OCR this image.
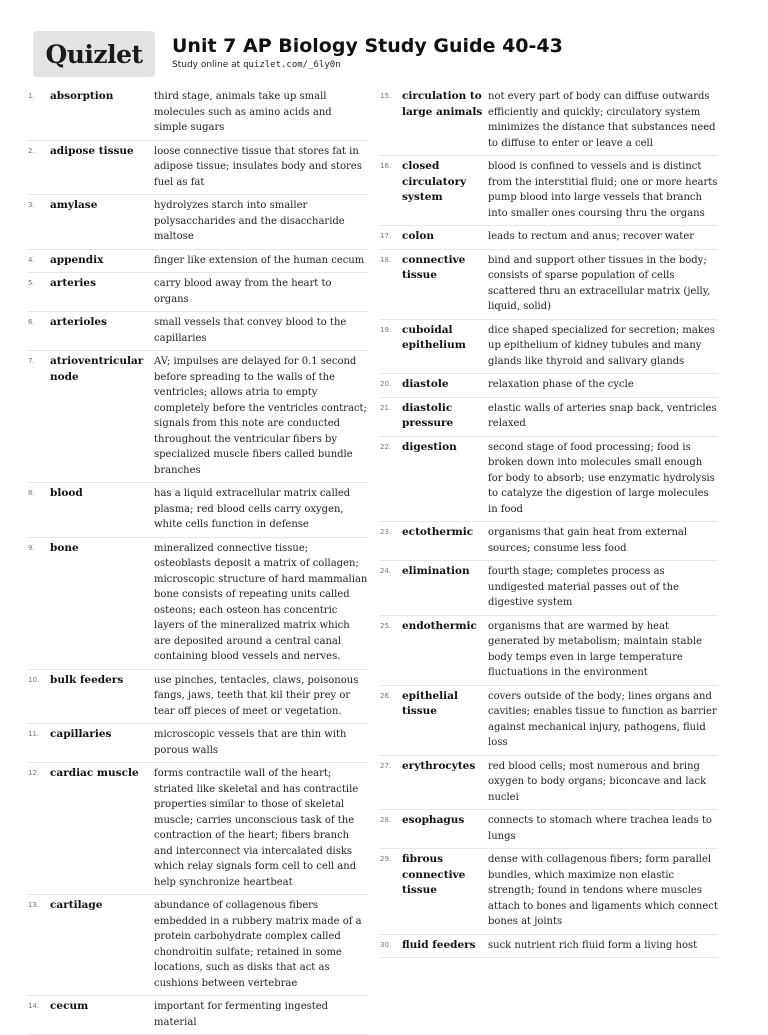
Quizlet	Unit 7 AP Biology Study Guide 40-43
Study online at quizlet.com/_6ly0n
1.	absorption	third stage, animals take up small molecules such as amino acids and simple sugars
2.	adipose tissue	loose connective tissue that stores fat in adipose tissue; insulates body and stores fuel as fat
3.	amylase	hydrolyzes starch into smaller polysaccharides and the disaccharide maltose
4.	appendix	finger like extension of the human cecum
5.	arteries	carry blood away from the heart to organs
6.	arterioles	small vessels that convey blood to the capillaries
7.	atrioventricular node
AV; impulses are delayed for 0.1 second before spreading to the walls of the ventricles; allows atria to empty completely before the ventricles contract; signals from this note are conducted throughout the ventricular fibers by specialized muscle fibers called bundle branches
8.	blood	has a liquid extracellular matrix called plasma; red blood cells carry oxygen, white cells function in defense
9.	bone	mineralized connective tissue; osteoblasts deposit a matrix of collagen; microscopic structure of hard mammalian bone consists of repeating units called osteons; each osteon has concentric layers of the mineralized matrix which are deposited around a central canal containing blood vessels and nerves.
10.	bulk feeders	use pinches, tentacles, claws, poisonous fangs, jaws, teeth that kil their prey or tear off pieces of meet or vegetation.
11.	capillaries	microscopic vessels that are thin with porous walls
12.	cardiac muscle	forms contractile wall of the heart; striated like skeletal and has contractile properties similar to those of skeletal muscle; carries unconscious task of the contraction of the heart; fibers branch and interconnect via intercalated disks which relay signals form cell to cell and help synchronize heartbeat
13.	cartilage	abundance of collagenous fibers embedded in a rubbery matrix made of a protein carbohydrate complex called chondroitin sulfate; retained in some locations, such as disks that act as cushions between vertebrae
14.	cecum	important for fermenting ingested material
15.	circulation to large animals
not every part of body can diffuse outwards efficiently and quickly; circulatory system minimizes the distance that substances need to diffuse to enter or leave a cell
16.	closed circulatory system
blood is confined to vessels and is distinct from the interstitial fluid; one or more hearts pump blood into large vessels that branch into smaller ones coursing thru the organs
17.	colon	leads to rectum and anus; recover water
18.	connective tissue
bind and support other tissues in the body; consists of sparse population of cells scattered thru an extracellular matrix (jelly, liquid, solid)
19.	cuboidal epithelium
dice shaped specialized for secretion; makes up epithelium of kidney tubules and many glands like thyroid and salivary glands
20.	diastole	relaxation phase of the cycle
21.	diastolic pressure
elastic walls of arteries snap back, ventricles relaxed
22.	digestion	second stage of food processing; food is broken down into molecules small enough for body to absorb; use enzymatic hydrolysis to catalyze the digestion of large molecules in food
23.	ectothermic	organisms that gain heat from external sources; consume less food
24.	elimination	fourth stage; completes process as undigested material passes out of the digestive system
25.	endothermic	organisms that are warmed by heat generated by metabolism; maintain stable body temps even in large temperature fluctuations in the environment
26.	epithelial tissue
covers outside of the body; lines organs and cavities; enables tissue to function as barrier against mechanical injury, pathogens, fluid loss
27.	erythrocytes	red blood cells; most numerous and bring oxygen to body organs; biconcave and lack nuclei
28.	esophagus	connects to stomach where trachea leads to lungs
29.	fibrous connective tissue
dense with collagenous fibers; form parallel bundles, which maximize non elastic strength; found in tendons where muscles attach to bones and ligaments which connect bones at joints
30.	fluid feeders	suck nutrient rich fluid form a living host
